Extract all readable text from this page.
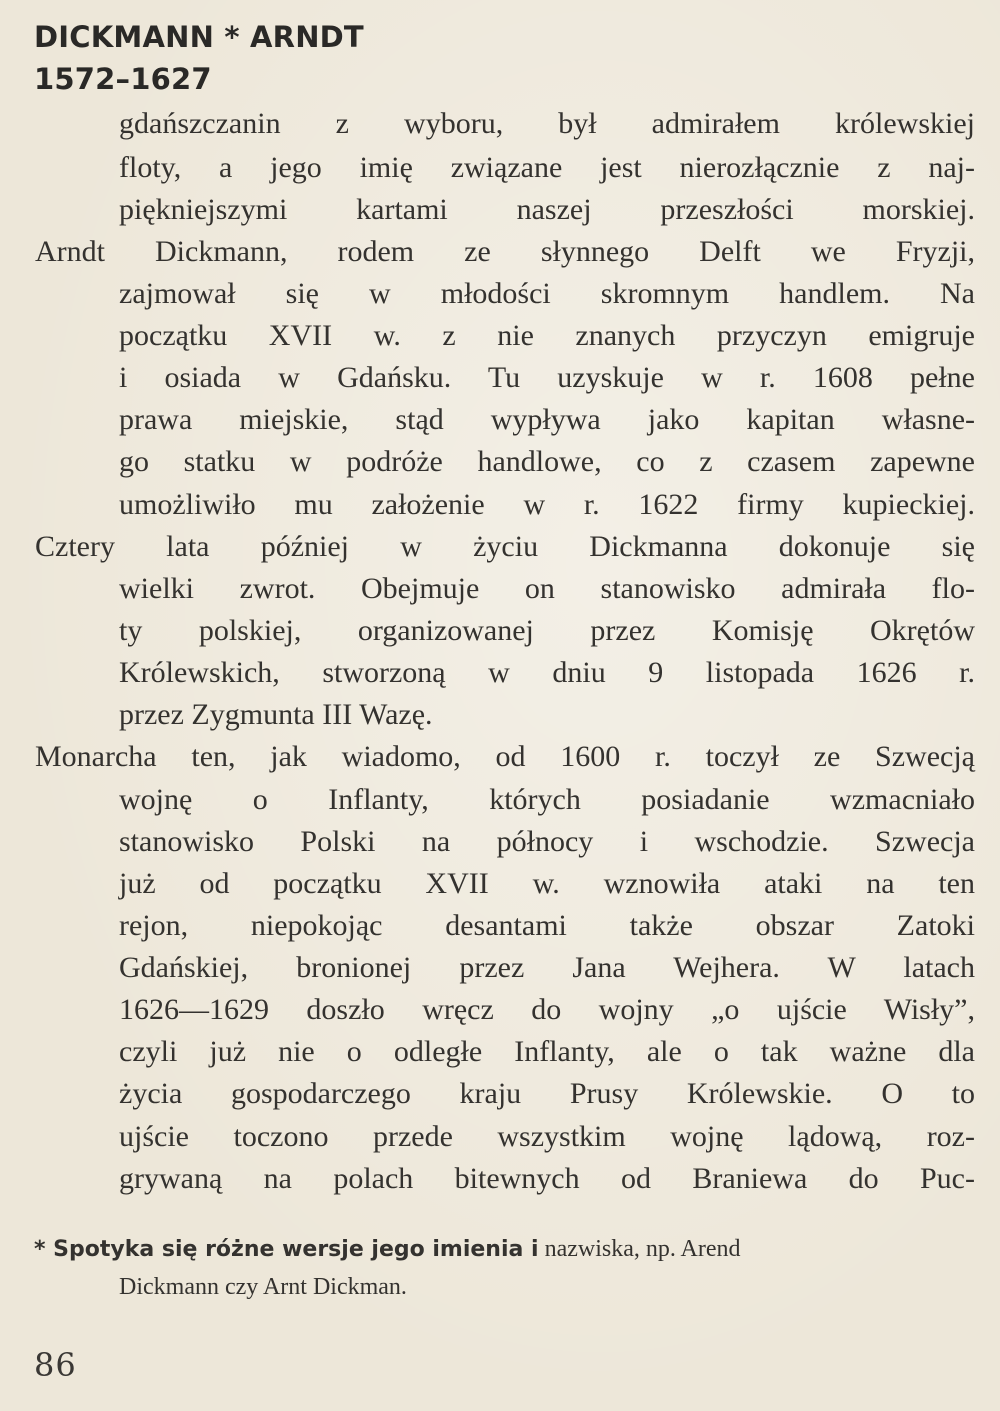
DICKMANN * ARNDT
1572–1627
gdańszczanin z wyboru, był admirałem królewskiej
floty, a jego imię związane jest nierozłącznie z naj-
piękniejszymi kartami naszej przeszłości morskiej.
Arndt Dickmann, rodem ze słynnego Delft we Fryzji,
zajmował się w młodości skromnym handlem. Na
początku XVII w. z nie znanych przyczyn emigruje
i osiada w Gdańsku. Tu uzyskuje w r. 1608 pełne
prawa miejskie, stąd wypływa jako kapitan własne-
go statku w podróże handlowe, co z czasem zapewne
umożliwiło mu założenie w r. 1622 firmy kupieckiej.
Cztery lata później w życiu Dickmanna dokonuje się
wielki zwrot. Obejmuje on stanowisko admirała flo-
ty polskiej, organizowanej przez Komisję Okrętów
Królewskich, stworzoną w dniu 9 listopada 1626 r.
przez Zygmunta III Wazę.
Monarcha ten, jak wiadomo, od 1600 r. toczył ze Szwecją
wojnę o Inflanty, których posiadanie wzmacniało
stanowisko Polski na północy i wschodzie. Szwecja
już od początku XVII w. wznowiła ataki na ten
rejon, niepokojąc desantami także obszar Zatoki
Gdańskiej, bronionej przez Jana Wejhera. W latach
1626—1629 doszło wręcz do wojny „o ujście Wisły”,
czyli już nie o odległe Inflanty, ale o tak ważne dla
życia gospodarczego kraju Prusy Królewskie. O to
ujście toczono przede wszystkim wojnę lądową, roz-
grywaną na polach bitewnych od Braniewa do Puc-
* Spotyka się różne wersje jego imienia i nazwiska, np. Arend
Dickmann czy Arnt Dickman.
86
